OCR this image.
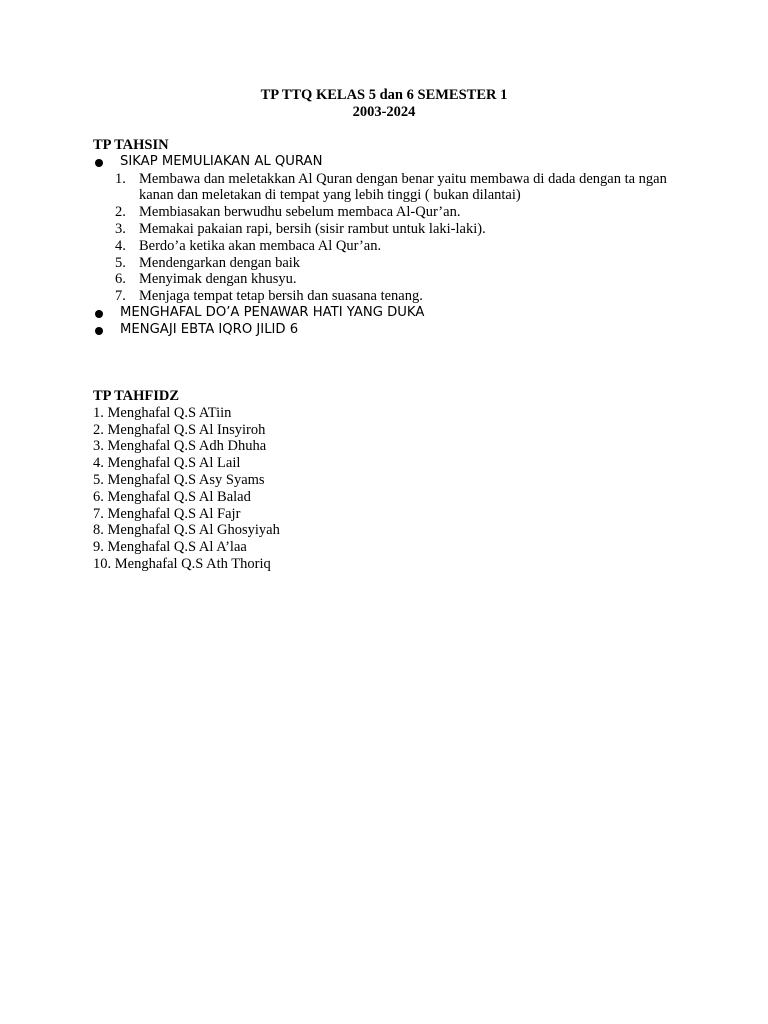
TP TTQ KELAS 5 dan 6 SEMESTER 1
2003-2024
TP TAHSIN
SIKAP MEMULIAKAN AL QURAN
1. Membawa dan meletakkan Al Quran dengan benar yaitu membawa di dada dengan ta ngan kanan dan meletakan di tempat yang lebih tinggi ( bukan dilantai)
2. Membiasakan berwudhu sebelum membaca Al-Qur’an.
3. Memakai pakaian rapi, bersih (sisir rambut untuk laki-laki).
4. Berdo’a ketika akan membaca Al Qur’an.
5. Mendengarkan dengan baik
6. Menyimak dengan khusyu.
7. Menjaga tempat tetap bersih dan suasana tenang.
MENGHAFAL DO’A PENAWAR HATI YANG DUKA
MENGAJI EBTA IQRO JILID 6
TP TAHFIDZ
1. Menghafal Q.S ATiin
2. Menghafal Q.S Al Insyiroh
3. Menghafal Q.S Adh Dhuha
4. Menghafal Q.S Al Lail
5. Menghafal Q.S Asy Syams
6. Menghafal Q.S Al Balad
7. Menghafal Q.S Al Fajr
8. Menghafal Q.S Al Ghosyiyah
9. Menghafal Q.S Al A’laa
10. Menghafal Q.S Ath Thoriq
